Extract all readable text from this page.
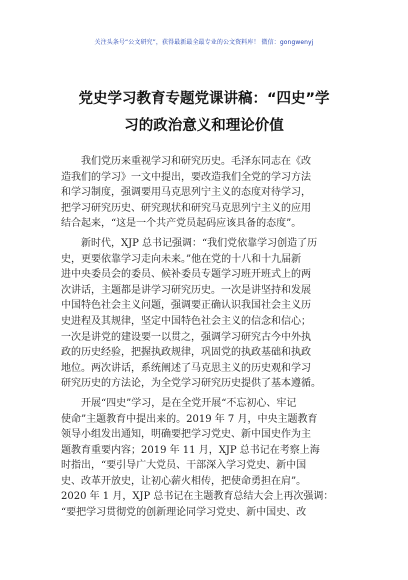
关注头条号“公文研究”，获得最新最全最专业的公文资料库！ 微信：gongwenyj
党史学习教育专题党课讲稿：“四史”学
习的政治意义和理论价值
我们党历来重视学习和研究历史。毛泽东同志在《改
造我们的学习》一文中提出，要改造我们全党的学习方法
和学习制度，强调要用马克思列宁主义的态度对待学习，
把学习研究历史、研究现状和研究马克思列宁主义的应用
结合起来，“这是一个共产党员起码应该具备的态度”。
新时代，XJP 总书记强调：“我们党依靠学习创造了历
史，更要依靠学习走向未来。”他在党的十八和十九届新
进中央委员会的委员、候补委员专题学习班开班式上的两
次讲话，主题都是讲学习研究历史。一次是讲坚持和发展
中国特色社会主义问题，强调要正确认识我国社会主义历
史进程及其规律，坚定中国特色社会主义的信念和信心；
一次是讲党的建设要一以贯之，强调学习研究古今中外执
政的历史经验，把握执政规律，巩固党的执政基础和执政
地位。两次讲话，系统阐述了马克思主义的历史观和学习
研究历史的方法论，为全党学习研究历史提供了基本遵循。
开展“四史”学习，是在全党开展“不忘初心、牢记
使命”主题教育中提出来的。2019 年 7 月，中央主题教育
领导小组发出通知，明确要把学习党史、新中国史作为主
题教育重要内容；2019 年 11 月，XJP 总书记在考察上海
时指出，“要引导广大党员、干部深入学习党史、新中国
史、改革开放史，让初心薪火相传，把使命勇担在肩”。
2020 年 1 月，XJP 总书记在主题教育总结大会上再次强调：
“要把学习贯彻党的创新理论同学习党史、新中国史、改
